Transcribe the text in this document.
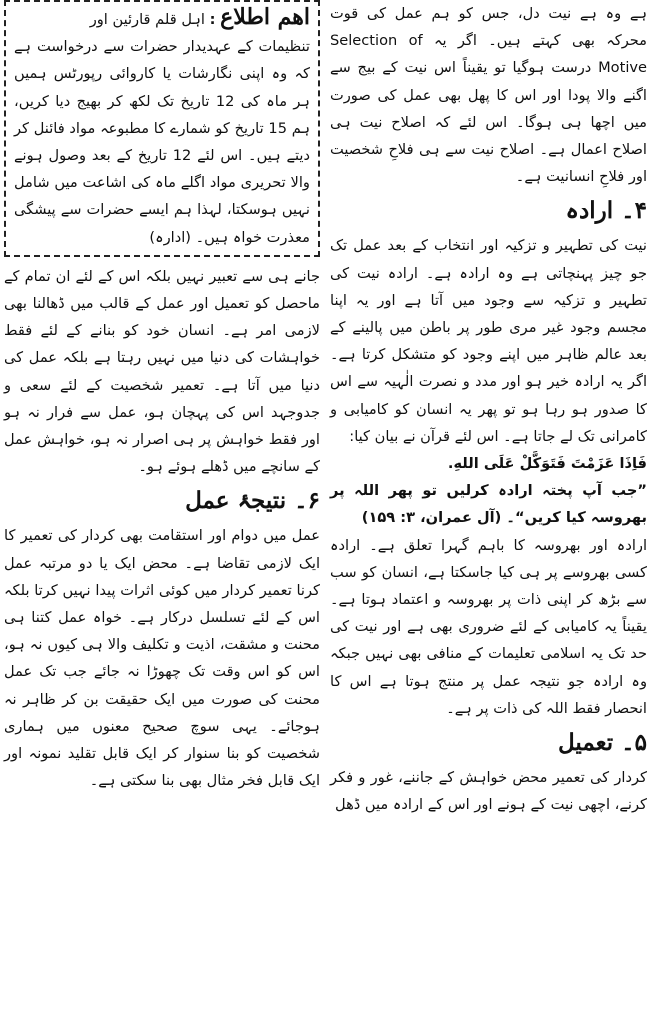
ہے وہ ہے نیت دل، جس کو ہم عمل کی قوت محرکہ بھی کہتے ہیں۔ اگر یہ Selection of Motive درست ہوگیا تو یقیناً اس نیت کے بیج سے اگنے والا پودا اور اس کا پھل بھی عمل کی صورت میں اچھا ہی ہوگا۔ اس لئے کہ اصلاح نیت ہی اصلاح اعمال ہے۔ اصلاح نیت سے ہی فلاحِ شخصیت اور فلاحِ انسانیت ہے۔

۴۔ ارادہ

نیت کی تطہیر و تزکیہ اور انتخاب کے بعد عمل تک جو چیز پہنچاتی ہے وہ ارادہ ہے۔ ارادہ نیت کی تطہیر و تزکیہ سے وجود میں آتا ہے اور یہ اپنا مجسم وجود غیر مری طور پر باطن میں پالینے کے بعد عالم ظاہر میں اپنے وجود کو متشکل کرتا ہے۔ اگر یہ ارادہ خیر ہو اور مدد و نصرت الٰہیہ سے اس کا صدور ہو رہا ہو تو پھر یہ انسان کو کامیابی و کامرانی تک لے جاتا ہے۔ اس لئے قرآن نے بیان کیا:

فَاِذَا عَزَمْتَ فَتَوَکَّلْ عَلَی اللهِ.

”جب آپ پختہ ارادہ کرلیں تو پھر اللہ پر بھروسہ کیا کریں“۔ (آل عمران، ۳: ۱۵۹)

ارادہ اور بھروسہ کا باہم گہرا تعلق ہے۔ ارادہ کسی بھروسے پر ہی کیا جاسکتا ہے، انسان کو سب سے بڑھ کر اپنی ذات پر بھروسہ و اعتماد ہوتا ہے۔ یقیناً یہ کامیابی کے لئے ضروری بھی ہے اور نیت کی حد تک یہ اسلامی تعلیمات کے منافی بھی نہیں جبکہ وہ ارادہ جو نتیجہ عمل پر منتج ہوتا ہے اس کا انحصار فقط اللہ کی ذات پر ہے۔

۵۔ تعمیل

کردار کی تعمیر محض خواہش کے جاننے، غور و فکر کرنے، اچھی نیت کے ہونے اور اس کے ارادہ میں ڈھل

اھم اطلاع : اہل قلم قارئین اور

تنظیمات کے عہدیدار حضرات سے درخواست ہے کہ وہ اپنی نگارشات یا کاروائی رپورٹس ہمیں ہر ماہ کی 12 تاریخ تک لکھ کر بھیج دیا کریں، ہم 15 تاریخ کو شمارے کا مطبوعہ مواد فائنل کر دیتے ہیں۔ اس لئے 12 تاریخ کے بعد وصول ہونے والا تحریری مواد اگلے ماہ کی اشاعت میں شامل نہیں ہوسکتا، لہذا ہم ایسے حضرات سے پیشگی معذرت خواہ ہیں۔ (ادارہ)

جانے ہی سے تعبیر نہیں بلکہ اس کے لئے ان تمام کے ماحصل کو تعمیل اور عمل کے قالب میں ڈھالنا بھی لازمی امر ہے۔ انسان خود کو بنانے کے لئے فقط خواہشات کی دنیا میں نہیں رہتا ہے بلکہ عمل کی دنیا میں آتا ہے۔ تعمیر شخصیت کے لئے سعی و جدوجہد اس کی پہچان ہو، عمل سے فرار نہ ہو اور فقط خواہش پر ہی اصرار نہ ہو، خواہش عمل کے سانچے میں ڈھلے ہوئے ہو۔

۶۔ نتیجۂ عمل

عمل میں دوام اور استقامت بھی کردار کی تعمیر کا ایک لازمی تقاضا ہے۔ محض ایک یا دو مرتبہ عمل کرنا تعمیر کردار میں کوئی اثرات پیدا نہیں کرتا بلکہ اس کے لئے تسلسل درکار ہے۔ خواہ عمل کتنا ہی محنت و مشقت، اذیت و تکلیف والا ہی کیوں نہ ہو، اس کو اس وقت تک چھوڑا نہ جائے جب تک عمل محنت کی صورت میں ایک حقیقت بن کر ظاہر نہ ہوجائے۔ یہی سوچ صحیح معنوں میں ہماری شخصیت کو بنا سنوار کر ایک قابل تقلید نمونہ اور ایک قابل فخر مثال بھی بنا سکتی ہے۔
